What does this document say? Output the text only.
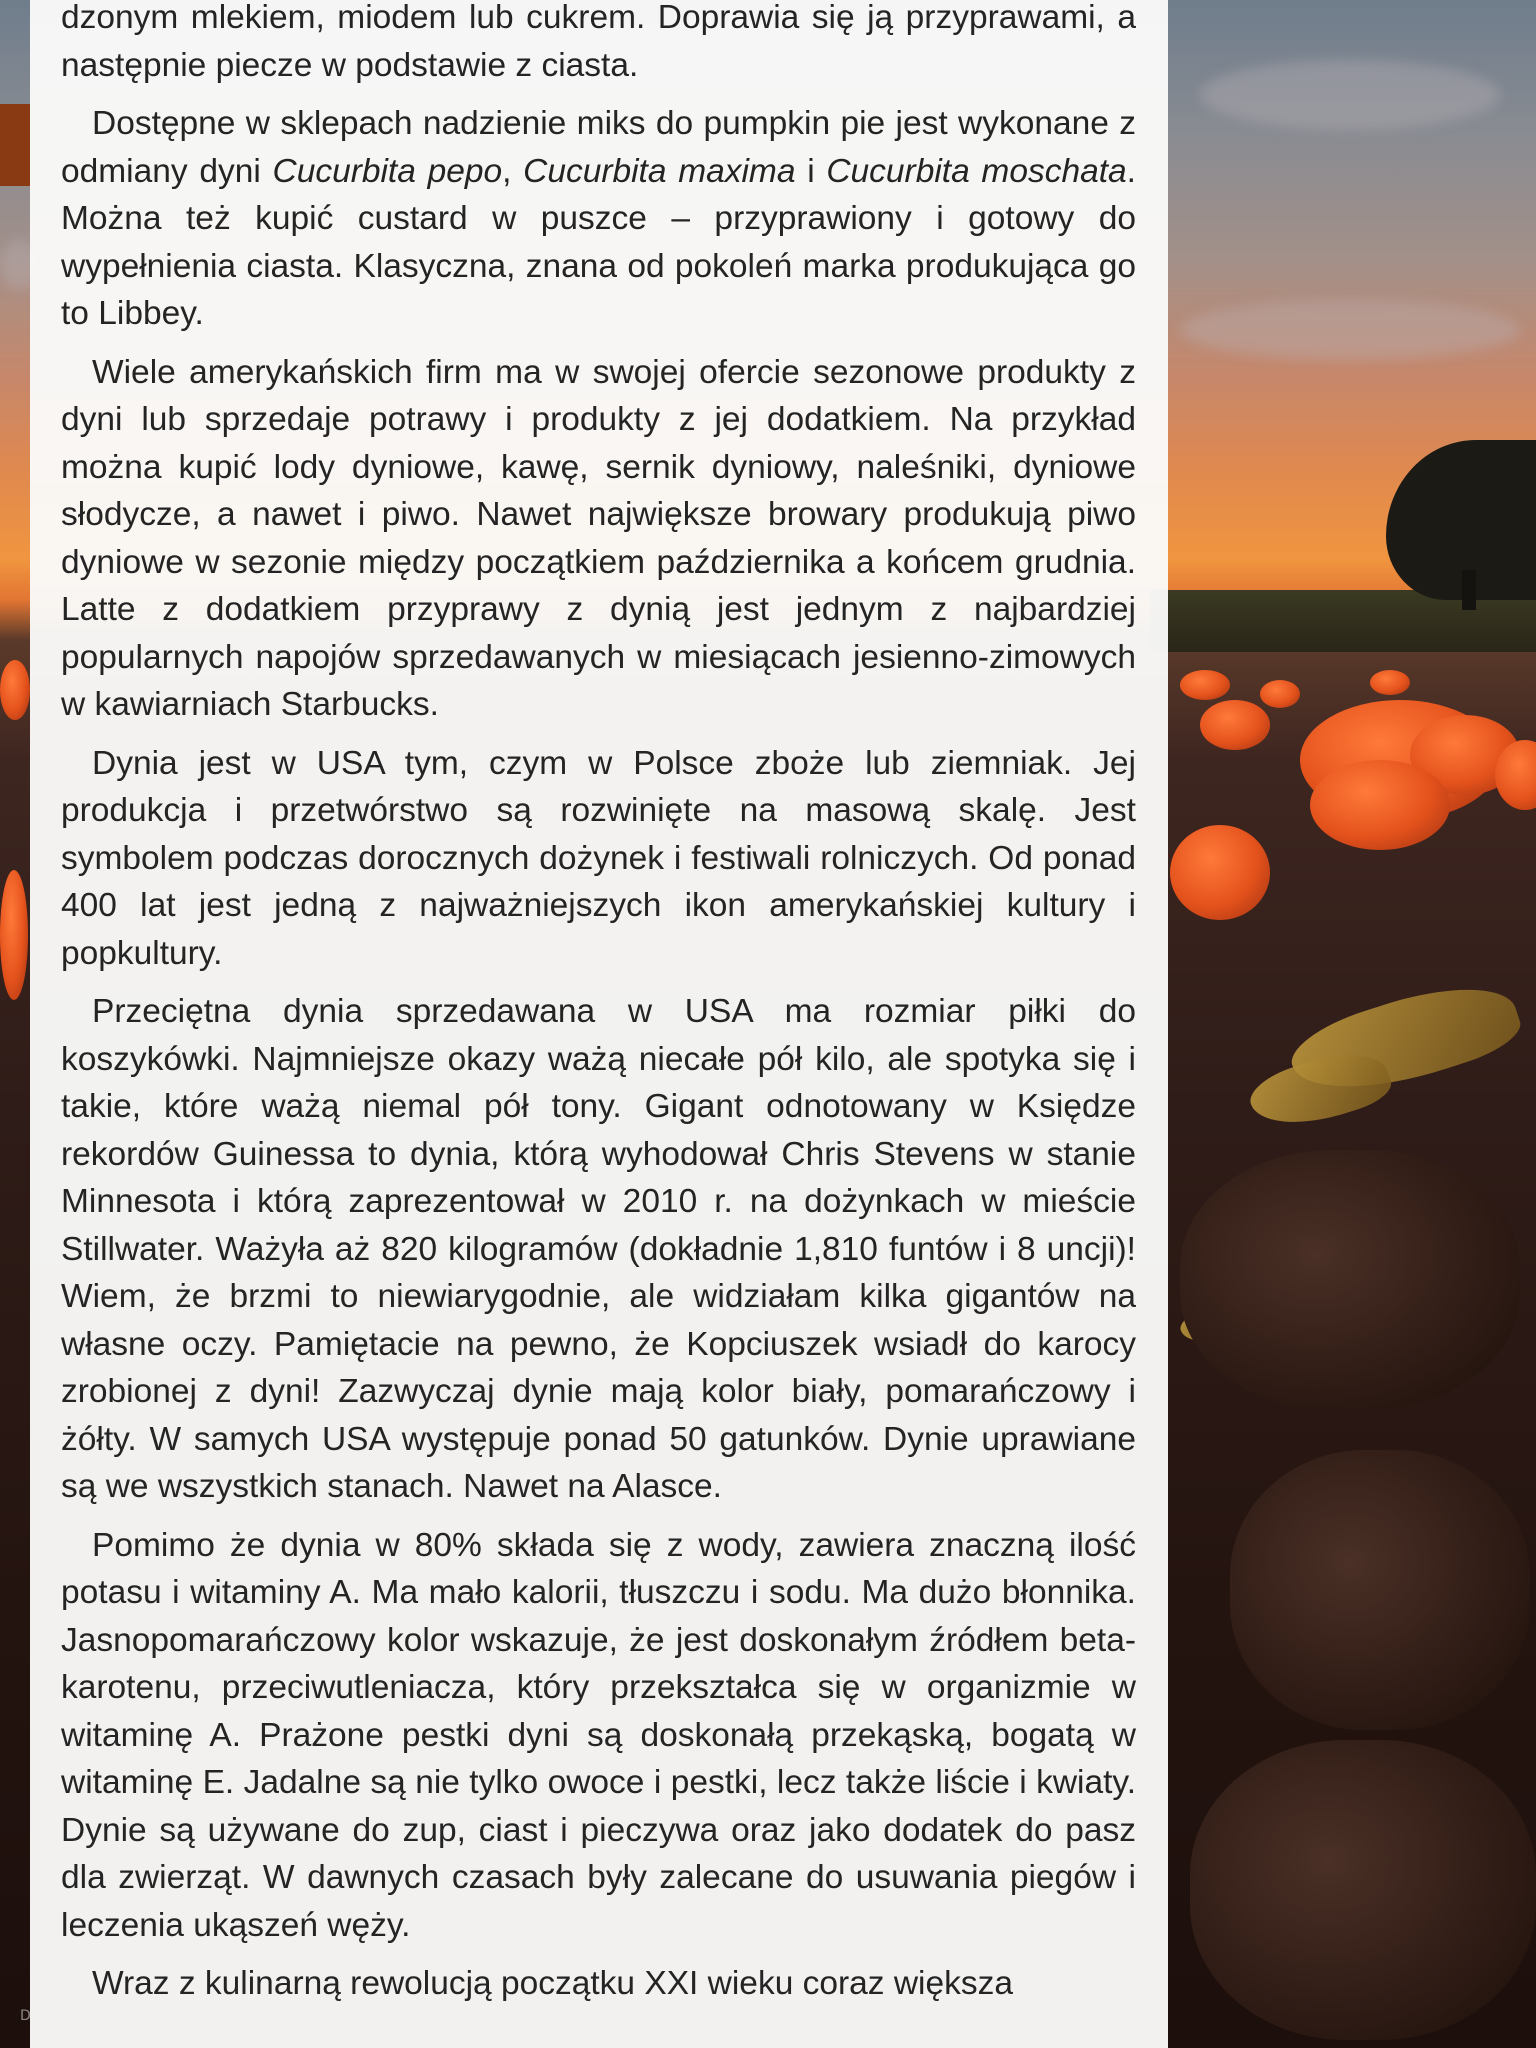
dzonym mlekiem, miodem lub cukrem. Doprawia się ją przyprawami, a następnie piecze w podstawie z ciasta.

Dostępne w sklepach nadzienie miks do pumpkin pie jest wykonane z odmiany dyni Cucurbita pepo, Cucurbita maxima i Cucurbita moschata. Można też kupić custard w puszce – przyprawiony i gotowy do wypełnienia ciasta. Klasyczna, znana od pokoleń marka produkująca go to Libbey.

Wiele amerykańskich firm ma w swojej ofercie sezonowe produkty z dyni lub sprzedaje potrawy i produkty z jej dodatkiem. Na przykład można kupić lody dyniowe, kawę, sernik dyniowy, naleśniki, dyniowe słodycze, a nawet i piwo. Nawet największe browary produkują piwo dyniowe w sezonie między początkiem października a końcem grudnia. Latte z dodatkiem przyprawy z dynią jest jednym z najbardziej popularnych napojów sprzedawanych w miesiącach jesienno-zimowych w kawiarniach Starbucks.

Dynia jest w USA tym, czym w Polsce zboże lub ziemniak. Jej produkcja i przetwórstwo są rozwinięte na masową skalę. Jest symbolem podczas dorocznych dożynek i festiwali rolniczych. Od ponad 400 lat jest jedną z najważniejszych ikon amerykańskiej kultury i popkultury.

Przeciętna dynia sprzedawana w USA ma rozmiar piłki do koszykówki. Najmniejsze okazy ważą niecałe pół kilo, ale spotyka się i takie, które ważą niemal pół tony. Gigant odnotowany w Księdze rekordów Guinessa to dynia, którą wyhodował Chris Stevens w stanie Minnesota i którą zaprezentował w 2010 r. na dożynkach w mieście Stillwater. Ważyła aż 820 kilogramów (dokładnie 1,810 funtów i 8 uncji)! Wiem, że brzmi to niewiarygodnie, ale widziałam kilka gigantów na własne oczy. Pamiętacie na pewno, że Kopciuszek wsiadł do karocy zrobionej z dyni! Zazwyczaj dynie mają kolor biały, pomarańczowy i żółty. W samych USA występuje ponad 50 gatunków. Dynie uprawiane są we wszystkich stanach. Nawet na Alasce.

Pomimo że dynia w 80% składa się z wody, zawiera znaczną ilość potasu i witaminy A. Ma mało kalorii, tłuszczu i sodu. Ma dużo błonnika. Jasnopomarańczowy kolor wskazuje, że jest doskonałym źródłem beta-karotenu, przeciwutleniacza, który przekształca się w organizmie w witaminę A. Prażone pestki dyni są doskonałą przekąską, bogatą w witaminę E. Jadalne są nie tylko owoce i pestki, lecz także liście i kwiaty. Dynie są używane do zup, ciast i pieczywa oraz jako dodatek do pasz dla zwierząt. W dawnych czasach były zalecane do usuwania piegów i leczenia ukąszeń węży.

Wraz z kulinarną rewolucją początku XXI wieku coraz większa

D
